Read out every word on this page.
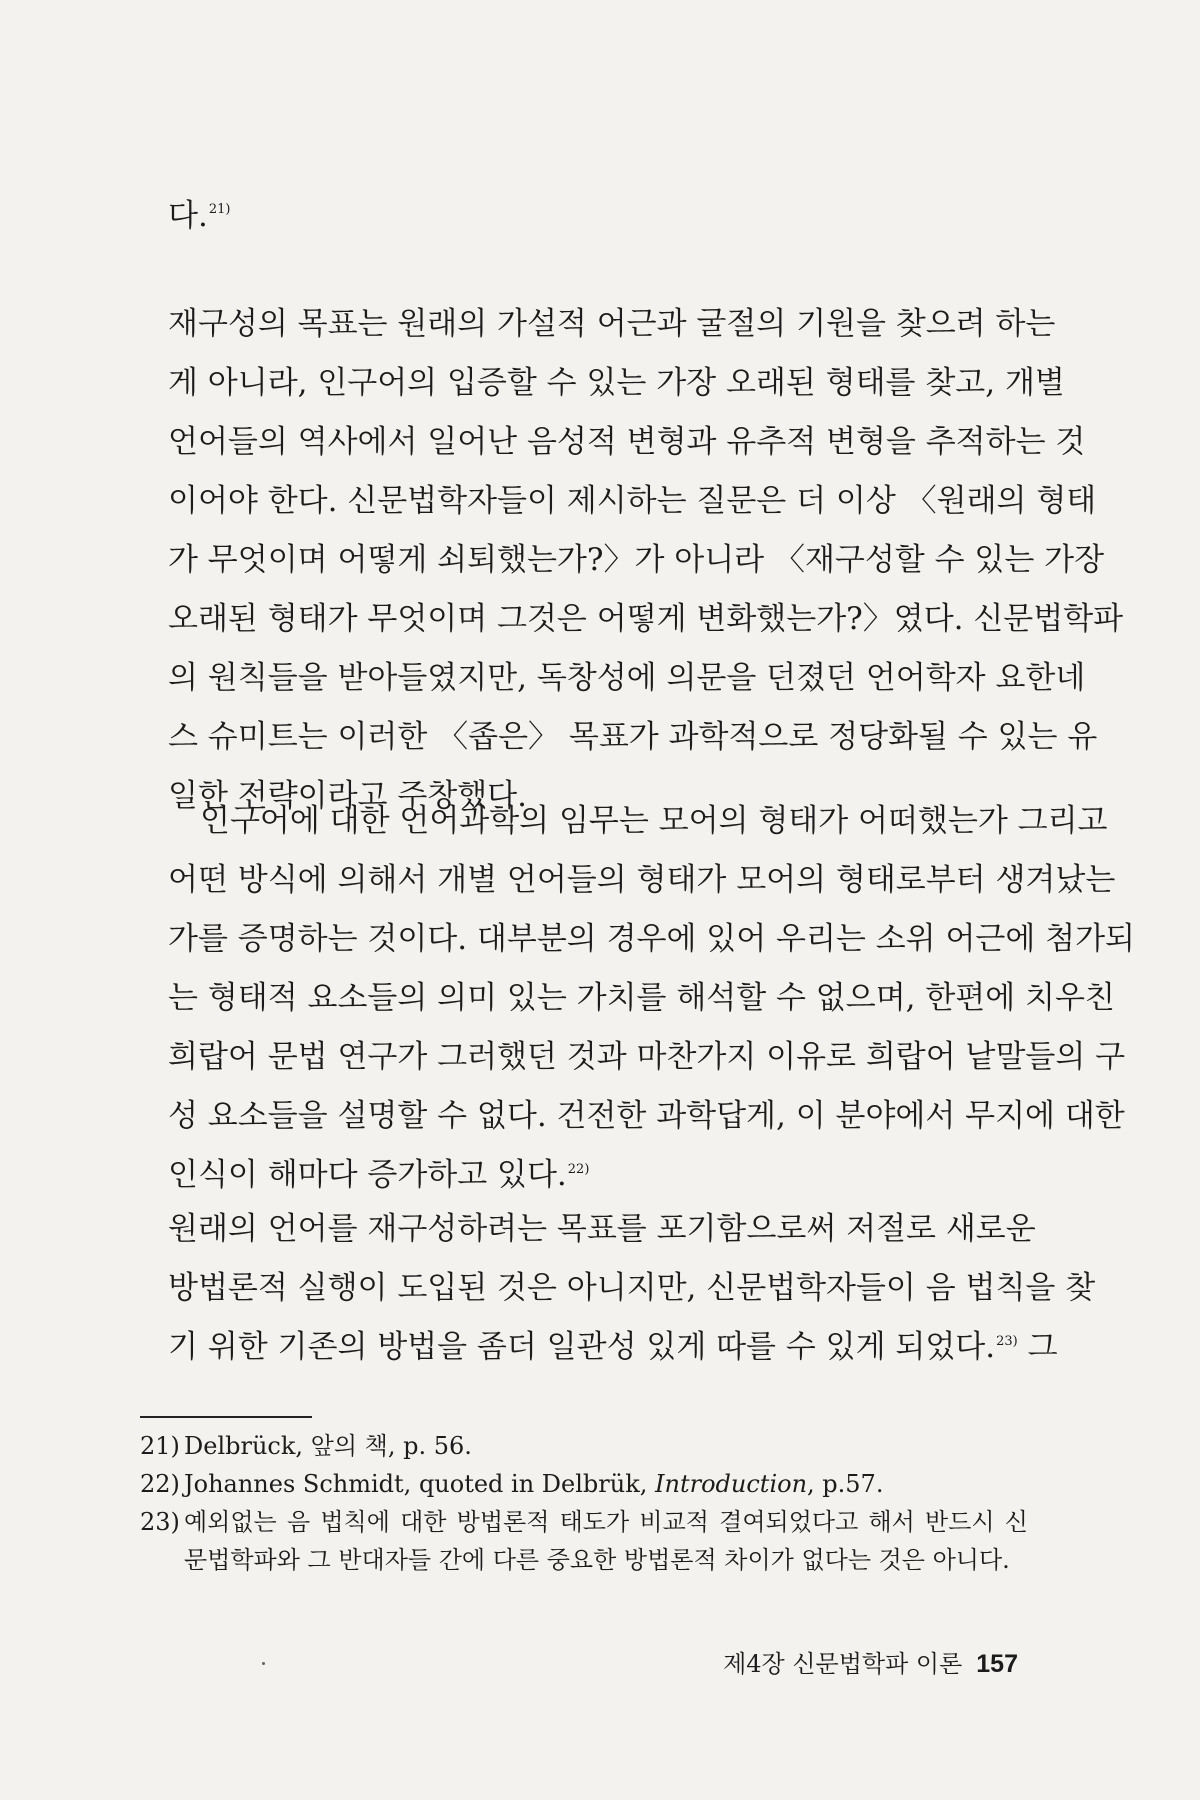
다.$^{21)}$
재구성의 목표는 원래의 가설적 어근과 굴절의 기원을 찾으려 하는
게 아니라, 인구어의 입증할 수 있는 가장 오래된 형태를 찾고, 개별
언어들의 역사에서 일어난 음성적 변형과 유추적 변형을 추적하는 것
이어야 한다. 신문법학자들이 제시하는 질문은 더 이상 〈원래의 형태
가 무엇이며 어떻게 쇠퇴했는가?〉가 아니라 〈재구성할 수 있는 가장
오래된 형태가 무엇이며 그것은 어떻게 변화했는가?〉였다. 신문법학파
의 원칙들을 받아들였지만, 독창성에 의문을 던졌던 언어학자 요한네
스 슈미트는 이러한 〈좁은〉 목표가 과학적으로 정당화될 수 있는 유
일한 전략이라고 주창했다.
인구어에 대한 언어과학의 임무는 모어의 형태가 어떠했는가 그리고
어떤 방식에 의해서 개별 언어들의 형태가 모어의 형태로부터 생겨났는
가를 증명하는 것이다. 대부분의 경우에 있어 우리는 소위 어근에 첨가되
는 형태적 요소들의 의미 있는 가치를 해석할 수 없으며, 한편에 치우친
희랍어 문법 연구가 그러했던 것과 마찬가지 이유로 희랍어 낱말들의 구
성 요소들을 설명할 수 없다. 건전한 과학답게, 이 분야에서 무지에 대한
인식이 해마다 증가하고 있다.$^{22)}$
원래의 언어를 재구성하려는 목표를 포기함으로써 저절로 새로운
방법론적 실행이 도입된 것은 아니지만, 신문법학자들이 음 법칙을 찾
기 위한 기존의 방법을 좀더 일관성 있게 따를 수 있게 되었다.$^{23)}$ 그
21) Delbrück, 앞의 책, p. 56.
22) Johannes Schmidt, quoted in Delbrük, Introduction, p.57.
23) 예외없는 음 법칙에 대한 방법론적 태도가 비교적 결여되었다고 해서 반드시 신
문법학파와 그 반대자들 간에 다른 중요한 방법론적 차이가 없다는 것은 아니다.
제4장 신문법학파 이론 157
